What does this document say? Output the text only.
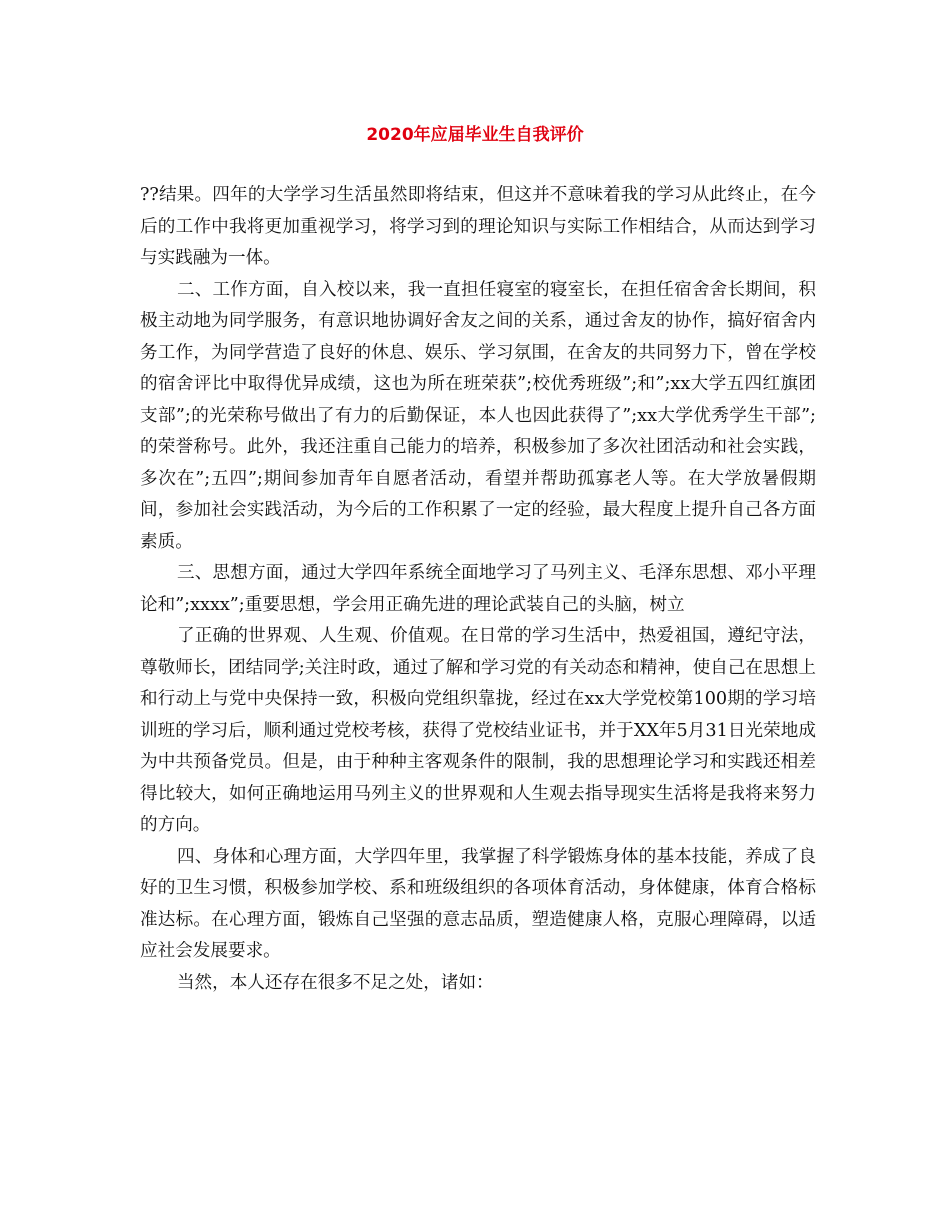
2020年应届毕业生自我评价

??结果。四年的大学学习生活虽然即将结束，但这并不意味着我的学习从此终止，在今后的工作中我将更加重视学习，将学习到的理论知识与实际工作相结合，从而达到学习与实践融为一体。

二、工作方面，自入校以来，我一直担任寝室的寝室长，在担任宿舍舍长期间，积极主动地为同学服务，有意识地协调好舍友之间的关系，通过舍友的协作，搞好宿舍内务工作，为同学营造了良好的休息、娱乐、学习氛围，在舍友的共同努力下，曾在学校的宿舍评比中取得优异成绩，这也为所在班荣获”;校优秀班级”;和”;xx大学五四红旗团支部”;的光荣称号做出了有力的后勤保证，本人也因此获得了”;xx大学优秀学生干部”;的荣誉称号。此外，我还注重自己能力的培养，积极参加了多次社团活动和社会实践，多次在”;五四”;期间参加青年自愿者活动，看望并帮助孤寡老人等。在大学放暑假期间，参加社会实践活动，为今后的工作积累了一定的经验，最大程度上提升自己各方面素质。

三、思想方面，通过大学四年系统全面地学习了马列主义、毛泽东思想、邓小平理论和”;xxxx”;重要思想，学会用正确先进的理论武装自己的头脑，树立

了正确的世界观、人生观、价值观。在日常的学习生活中，热爱祖国，遵纪守法，尊敬师长，团结同学;关注时政，通过了解和学习党的有关动态和精神，使自己在思想上和行动上与党中央保持一致，积极向党组织靠拢，经过在xx大学党校第100期的学习培训班的学习后，顺利通过党校考核，获得了党校结业证书，并于XX年5月31日光荣地成为中共预备党员。但是，由于种种主客观条件的限制，我的思想理论学习和实践还相差得比较大，如何正确地运用马列主义的世界观和人生观去指导现实生活将是我将来努力的方向。

四、身体和心理方面，大学四年里，我掌握了科学锻炼身体的基本技能，养成了良好的卫生习惯，积极参加学校、系和班级组织的各项体育活动，身体健康，体育合格标准达标。在心理方面，锻炼自己坚强的意志品质，塑造健康人格，克服心理障碍，以适应社会发展要求。

当然，本人还存在很多不足之处，诸如：
